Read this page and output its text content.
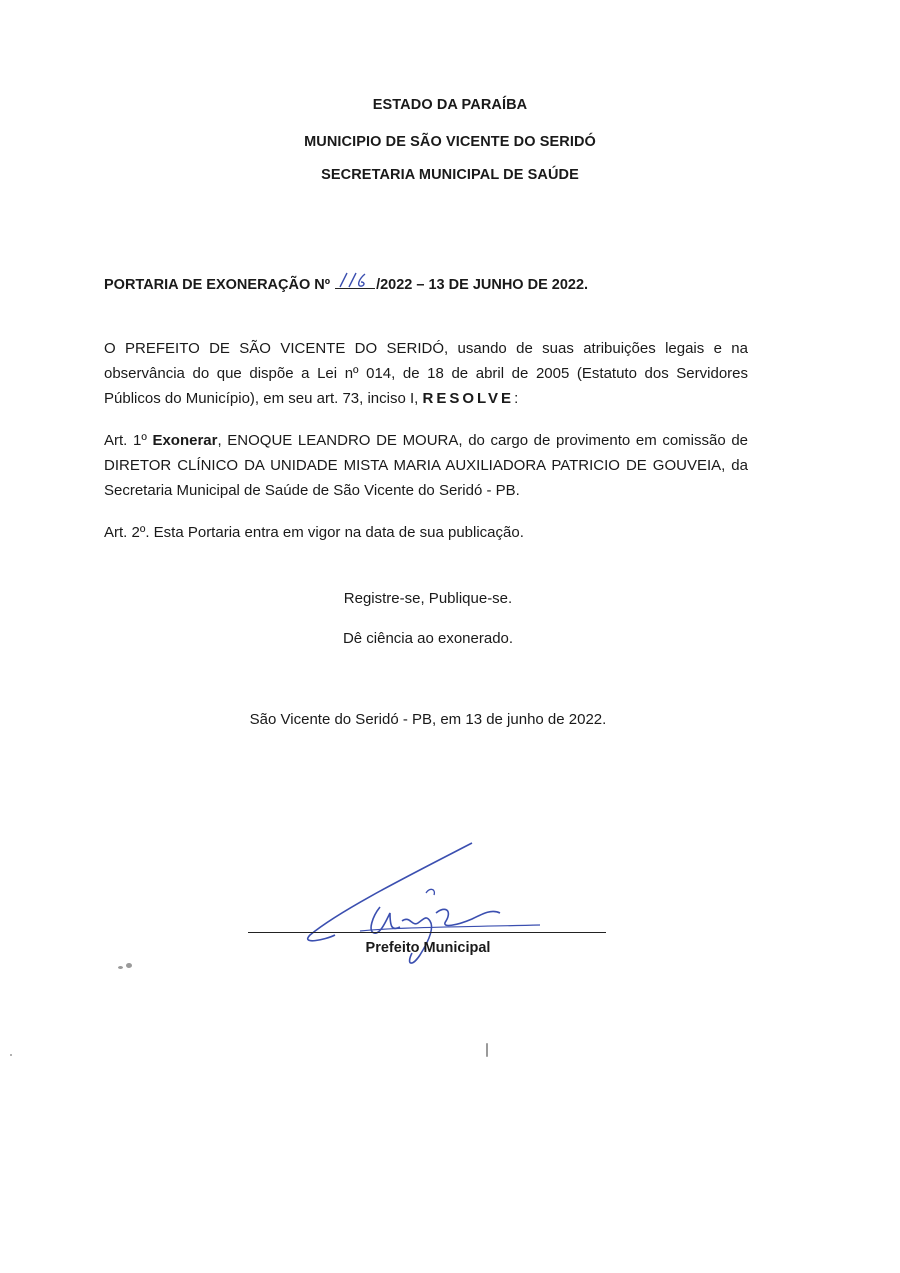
ESTADO DA PARAÍBA
MUNICIPIO DE SÃO VICENTE DO SERIDÓ
SECRETARIA MUNICIPAL DE SAÚDE
PORTARIA DE EXONERAÇÃO Nº	/2022 – 13 DE JUNHO DE 2022.
O PREFEITO DE SÃO VICENTE DO SERIDÓ, usando de suas atribuições legais e na observância do que dispõe a Lei nº 014, de 18 de abril de 2005 (Estatuto dos Servidores Públicos do Município), em seu art. 73, inciso I, RESOLVE:
Art. 1º Exonerar, ENOQUE LEANDRO DE MOURA, do cargo de provimento em comissão de DIRETOR CLÍNICO DA UNIDADE MISTA MARIA AUXILIADORA PATRICIO DE GOUVEIA, da Secretaria Municipal de Saúde de São Vicente do Seridó - PB.
Art. 2º. Esta Portaria entra em vigor na data de sua publicação.
Registre-se, Publique-se.
Dê ciência ao exonerado.
São Vicente do Seridó - PB, em 13 de junho de 2022.
Prefeito Municipal
